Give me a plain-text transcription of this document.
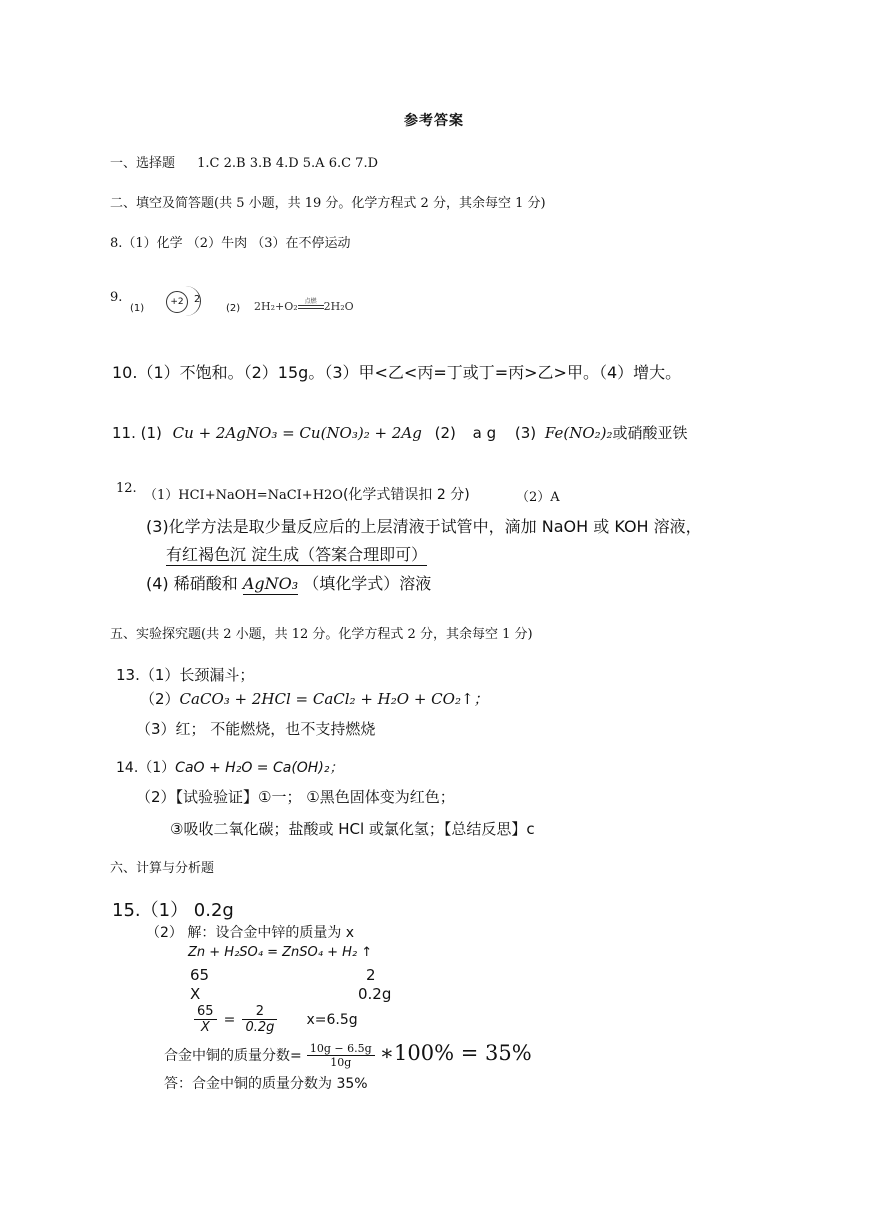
参考答案
一、选择题 1.C 2.B 3.B 4.D 5.A 6.C 7.D
二、填空及简答题(共 5 小题，共 19 分。化学方程式 2 分，其余每空 1 分)
8.（1）化学 （2）牛肉 （3）在不停运动
9.
(1)
+2	2
(2) 2H₂+O₂	点燃 2H₂O
10.（1）不饱和。（2）15g。（3）甲<乙<丙=丁或丁=丙>乙>甲。（4）增大。
11. (1) Cu + 2AgNO₃ = Cu(NO₃)₂ + 2Ag (2) a g (3) Fe(NO₂)₂或硝酸亚铁
12. （1）HCI+NaOH=NaCI+H2O(化学式错误扣 2 分)	（2）A
(3)化学方法是取少量反应后的上层清液于试管中，滴加 NaOH 或 KOH 溶液，
有红褐色沉 淀生成（答案合理即可）
(4) 稀硝酸和 AgNO₃ （填化学式）溶液
五、实验探究题(共 2 小题，共 12 分。化学方程式 2 分，其余每空 1 分)
13.（1）长颈漏斗；
（2）CaCO₃ + 2HCl = CaCl₂ + H₂O + CO₂↑；
（3）红； 不能燃烧，也不支持燃烧
14.（1）CaO + H₂O = Ca(OH)₂；
（2）【试验验证】①一； ①黑色固体变为红色；
③吸收二氧化碳；盐酸或 HCl 或氯化氢；【总结反思】c
六、计算与分析题
15.（1） 0.2g
（2） 解：设合金中锌的质量为 x
Zn + H₂SO₄ = ZnSO₄ + H₂ ↑
65	2
X	0.2g
$\frac{65}{X} = \frac{2}{0.2g} x=6.5g$
合金中铜的质量分数= $\frac{10g - 6.5g}{10g}$ ∗100% = 35%
答：合金中铜的质量分数为 35%
